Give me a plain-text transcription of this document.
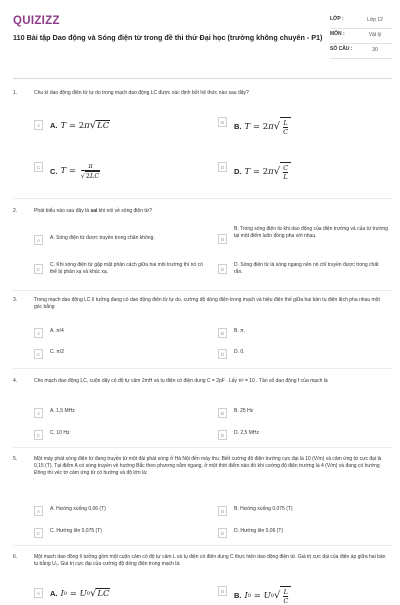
QUIZIZZ	LỚP :	Lớp 12
MÔN :	Vật lý
SỐ CÂU :	30
110 Bài tập Dao động và Sóng điện từ trong đề thi thử Đại học (trường không chuyên - P1)
1.	Chu kì dao động điện từ tự do trong mạch dao động LC được xác định bởi hệ thức nào sau đây?
A	A. T = 2 π √ LC	B	B. T = 2 π √ $\frac{L}{C}$
C	C. $T = \frac{\pi}{√2LC}$	D	D. T = 2 π √ $\frac{C}{L}$
2.	Phát biểu nào sau đây là sai khi nói về sóng điện từ?
A	A. Sóng điện từ được truyền trong chân không.	B
B. Trong sóng điện từ khi dao động của điện trường và của từ trường tại một điểm luôn đồng pha với nhau.
C
C. Khi sóng điện từ gặp mặt phân cách giữa hai môi trường thì nó có thể bị phản xạ và khúc xạ.	D
D. Sóng điện từ là sóng ngang nên nó chỉ truyền được trong chất rắn.
3.	Trong mạch dao động LC lí tưởng đang có dao động điện từ tự do, cường độ dòng điện trong mạch và hiệu điện thế giữa hai bản tụ điện lệch pha nhau một góc bằng
A	A. π/4	B	B. π.
C	C. π/2	D	D. 0.
4.	Cho mạch dao động LC, cuộn dây có độ tự cảm 2mH và tụ điện có điện dung C = 2pF . Lấy π² = 10 . Tần số dao động f của mạch là
A	A. 1,5 MHz	B	B. 25 Hz
C	C. 10 Hz	D	D. 2,5 MHz
5.	Một máy phát sóng điện từ đang truyền từ một đài phát sóng ở Hà Nội đến máy thu. Biết cường độ điện trường cực đại là 10 (V/m) và cảm ứng từ cực đại là 0,15 (T). Tại điểm A có sóng truyền về hướng Bắc theo phương nằm ngang, ở một thời điểm nào đó khi cường độ điện trường là 4 (V/m) và đang có hướng Đông thì véc tơ cảm ứng từ có hướng và độ lớn là:
A	A. Hướng xuống 0,06 (T)	B	B. Hướng xuống 0,075 (T)
C	C. Hướng lên 0,075 (T)	D	D. Hướng lên 0,06 (T)
6.	Một mạch dao động lí tưởng gồm một cuộn cảm có độ tự cảm L và tụ điện có điện dung C thực hiện dao động điện từ. Giá trị cực đại của điện áp giữa hai bản tụ bằng U₀. Giá trị cực đại của cường độ dòng điện trong mạch là:
A	A. I 0 = U 0 √ LC	B	B. I 0 = U 0 √ $\frac{L}{C}$
